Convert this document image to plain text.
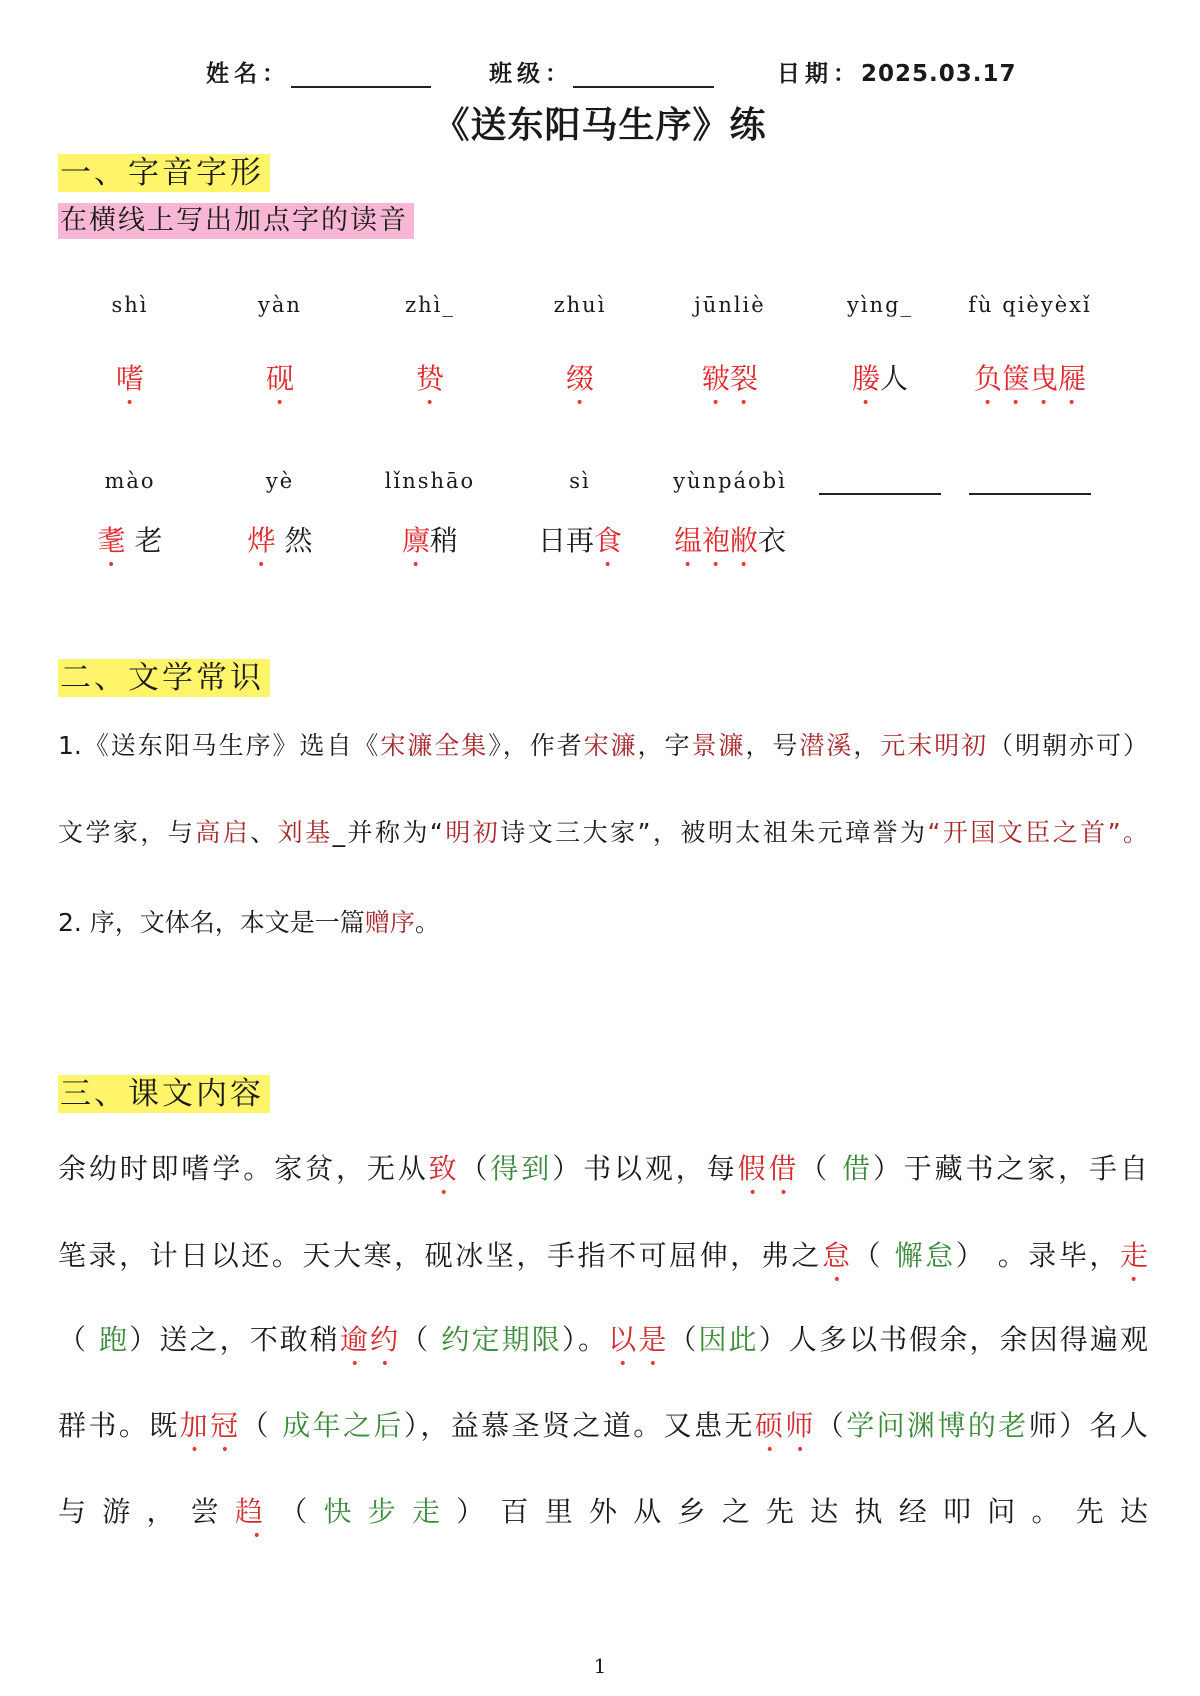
姓名：	班级：	日期：2025.03.17
《送东阳马生序》练
一、字音字形
在横线上写出加点字的读音
shì
嗜
yàn
砚
zhì_
贽
zhuì
缀
jūnliè
皲裂
yìng_
媵人
fù qièyèxǐ
负箧曳屣
mào
耄 老
yè
烨 然
lǐnshāo
廪稍
sì
日再食
yùnpáobì
缊袍敝衣
二、文学常识
1.《送东阳马生序》选自《宋濂全集》，作者宋濂，字景濂，号潜溪，元末明初（明朝亦可）
文学家，与高启、刘基_并称为“明初诗文三大家”，被明太祖朱元璋誉为“开国文臣之首”。
2. 序，文体名，本文是一篇赠序。
三、课文内容
余幼时即嗜学。家贫，无从致（得到）书以观，每假借（ 借）于藏书之家，手自
笔录，计日以还。天大寒，砚冰坚，手指不可屈伸，弗之怠（ 懈怠） 。录毕，走
（ 跑）送之，不敢稍逾约（ 约定期限）。以是（因此）人多以书假余，余因得遍观
群书。既加冠（ 成年之后），益慕圣贤之道。又患无硕师（学问渊博的老师）名人
与游，尝趋（快步走）百里外从乡之先达执经叩问。先达
1
